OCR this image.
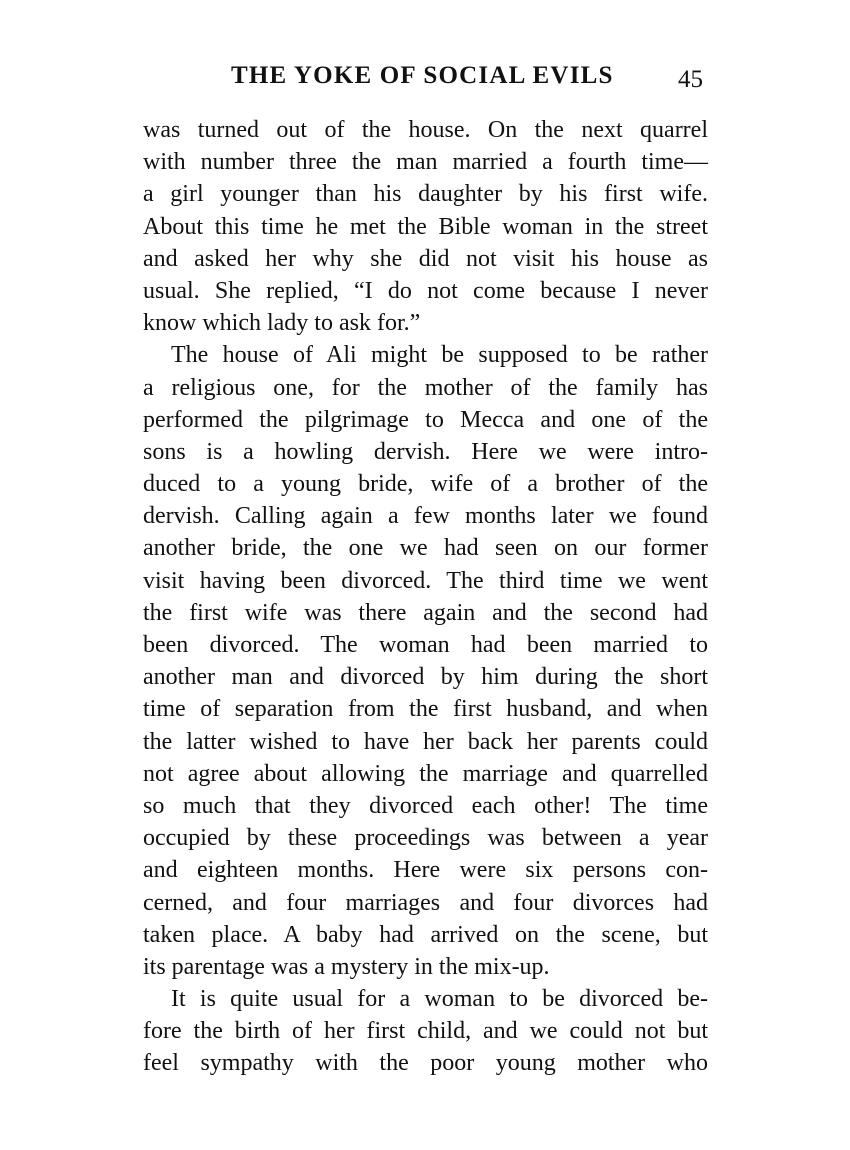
THE YOKE OF SOCIAL EVILS	45
was turned out of the house. On the next quarrel
with number three the man married a fourth time—
a girl younger than his daughter by his first wife.
About this time he met the Bible woman in the street
and asked her why she did not visit his house as
usual. She replied, “I do not come because I never
know which lady to ask for.”
The house of Ali might be supposed to be rather
a religious one, for the mother of the family has
performed the pilgrimage to Mecca and one of the
sons is a howling dervish. Here we were intro-
duced to a young bride, wife of a brother of the
dervish. Calling again a few months later we found
another bride, the one we had seen on our former
visit having been divorced. The third time we went
the first wife was there again and the second had
been divorced. The woman had been married to
another man and divorced by him during the short
time of separation from the first husband, and when
the latter wished to have her back her parents could
not agree about allowing the marriage and quarrelled
so much that they divorced each other! The time
occupied by these proceedings was between a year
and eighteen months. Here were six persons con-
cerned, and four marriages and four divorces had
taken place. A baby had arrived on the scene, but
its parentage was a mystery in the mix-up.
It is quite usual for a woman to be divorced be-
fore the birth of her first child, and we could not but
feel sympathy with the poor young mother who
